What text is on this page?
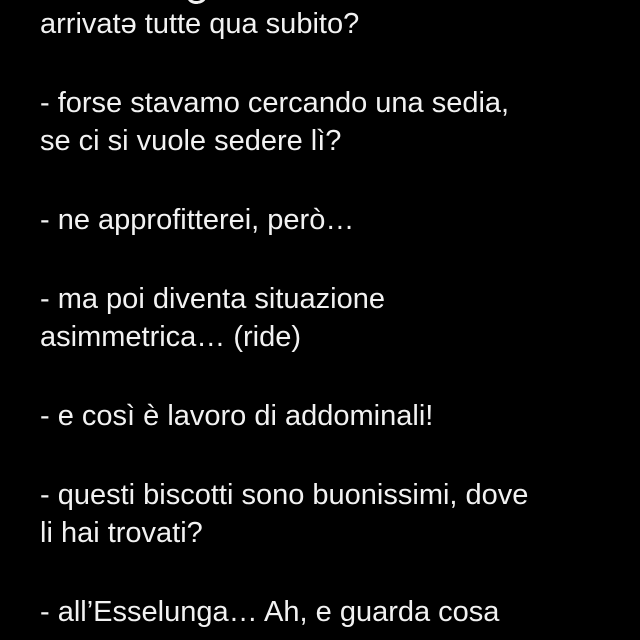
arrivatə tutte qua subito?

- forse stavamo cercando una sedia,
se ci si vuole sedere lì?

- ne approfitterei, però…

- ma poi diventa situazione
asimmetrica… (ride)

- e così è lavoro di addominali!

- questi biscotti sono buonissimi, dove
li hai trovati?

- all’Esselunga… Ah, e guarda cosa
